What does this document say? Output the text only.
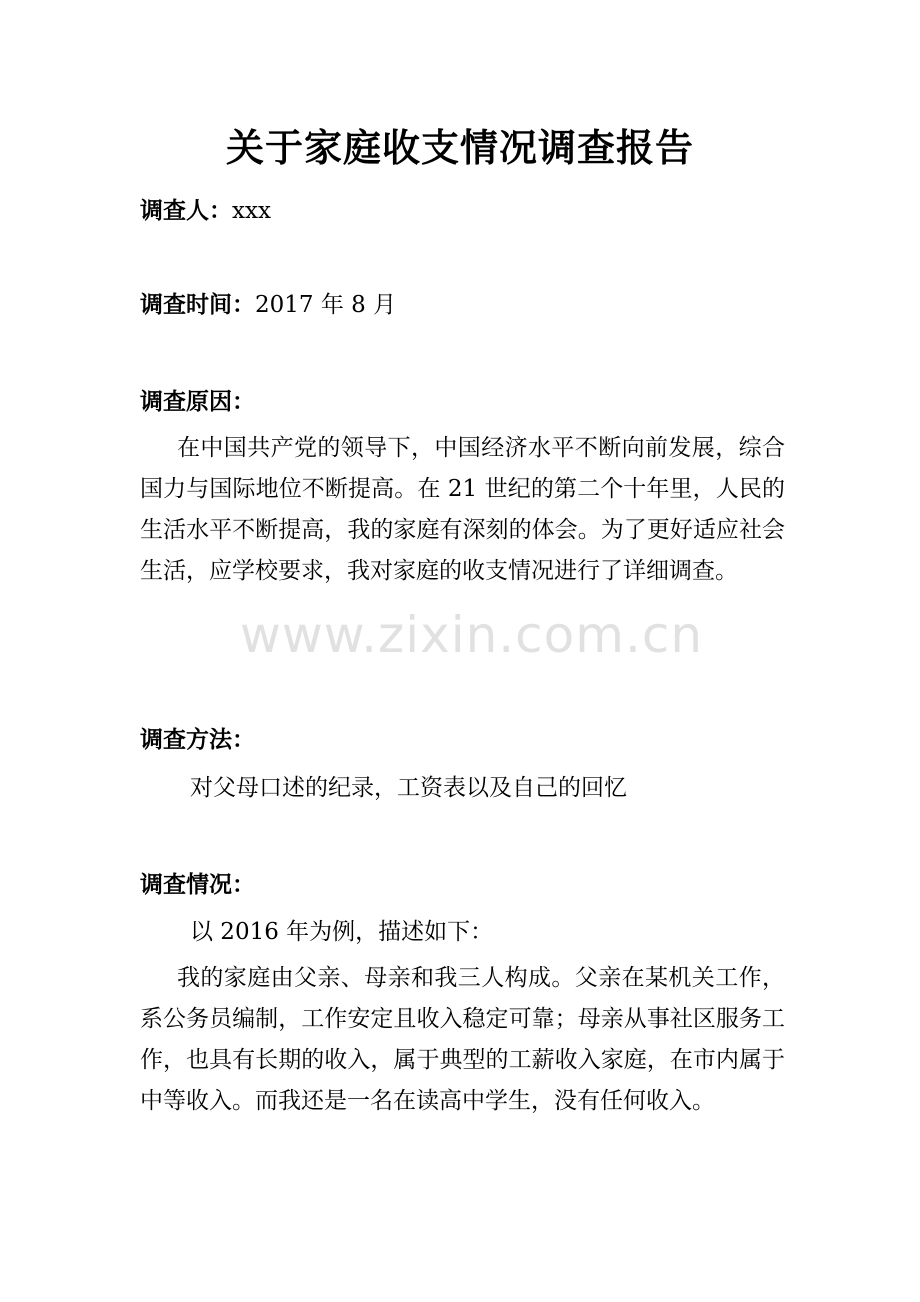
关于家庭收支情况调查报告
调查人：xxx
调查时间：2017 年 8 月
调查原因：
在中国共产党的领导下，中国经济水平不断向前发展，综合国力与国际地位不断提高。在 21 世纪的第二个十年里，人民的生活水平不断提高，我的家庭有深刻的体会。为了更好适应社会生活，应学校要求，我对家庭的收支情况进行了详细调查。
调查方法：
对父母口述的纪录，工资表以及自己的回忆
调查情况：
以 2016 年为例，描述如下：
我的家庭由父亲、母亲和我三人构成。父亲在某机关工作，系公务员编制，工作安定且收入稳定可靠；母亲从事社区服务工作，也具有长期的收入，属于典型的工薪收入家庭，在市内属于中等收入。而我还是一名在读高中学生，没有任何收入。
www.zixin.com.cn
